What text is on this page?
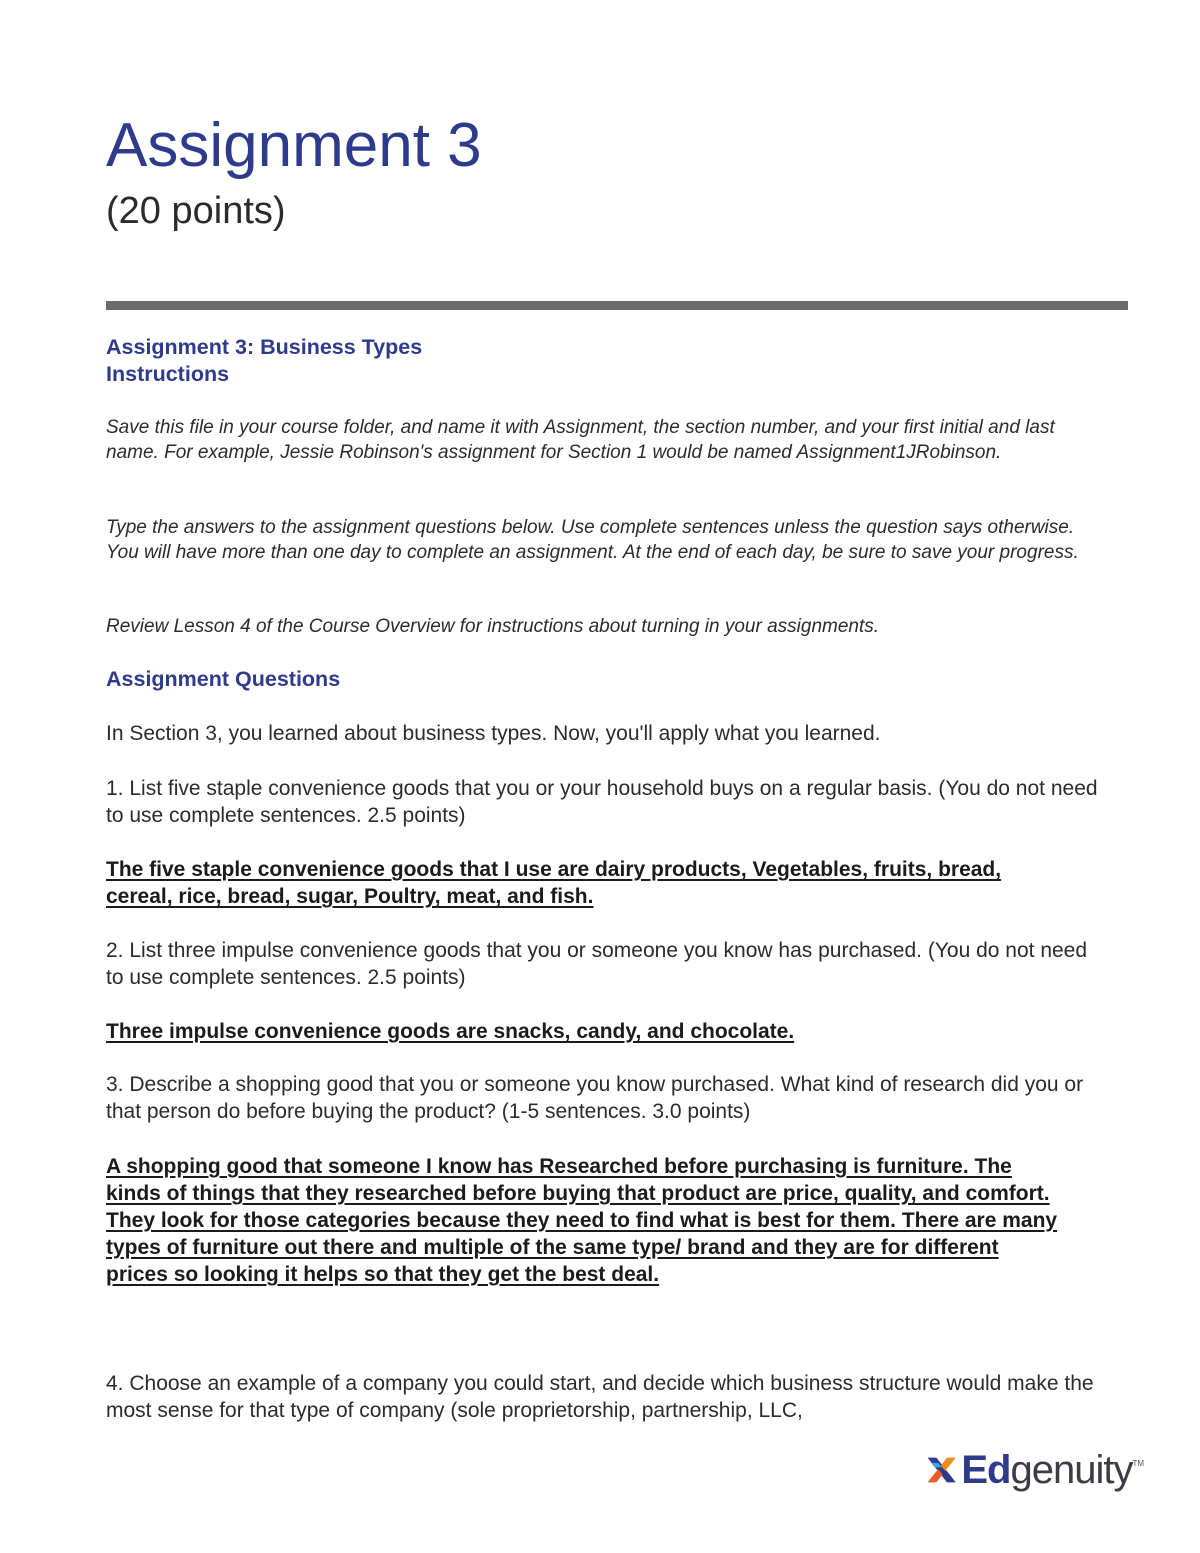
Assignment 3
(20 points)
Assignment 3: Business Types
Instructions

Save this file in your course folder, and name it with Assignment, the section number, and your first initial and last name. For example, Jessie Robinson's assignment for Section 1 would be named Assignment1JRobinson.

Type the answers to the assignment questions below. Use complete sentences unless the question says otherwise. You will have more than one day to complete an assignment. At the end of each day, be sure to save your progress.

Review Lesson 4 of the Course Overview for instructions about turning in your assignments.

Assignment Questions

In Section 3, you learned about business types. Now, you'll apply what you learned.

1. List five staple convenience goods that you or your household buys on a regular basis. (You do not need to use complete sentences. 2.5 points)

The five staple convenience goods that I use are dairy products, Vegetables, fruits, bread, cereal, rice, bread, sugar, Poultry, meat, and fish.

2. List three impulse convenience goods that you or someone you know has purchased. (You do not need to use complete sentences. 2.5 points)

Three impulse convenience goods are snacks, candy, and chocolate.

3. Describe a shopping good that you or someone you know purchased. What kind of research did you or that person do before buying the product? (1-5 sentences. 3.0 points)

A shopping good that someone I know has Researched before purchasing is furniture. The kinds of things that they researched before buying that product are price, quality, and comfort. They look for those categories because they need to find what is best for them. There are many types of furniture out there and multiple of the same type/ brand and they are for different prices so looking it helps so that they get the best deal.

4. Choose an example of a company you could start, and decide which business structure would make the most sense for that type of company (sole proprietorship, partnership, LLC,

Edgenuity TM
